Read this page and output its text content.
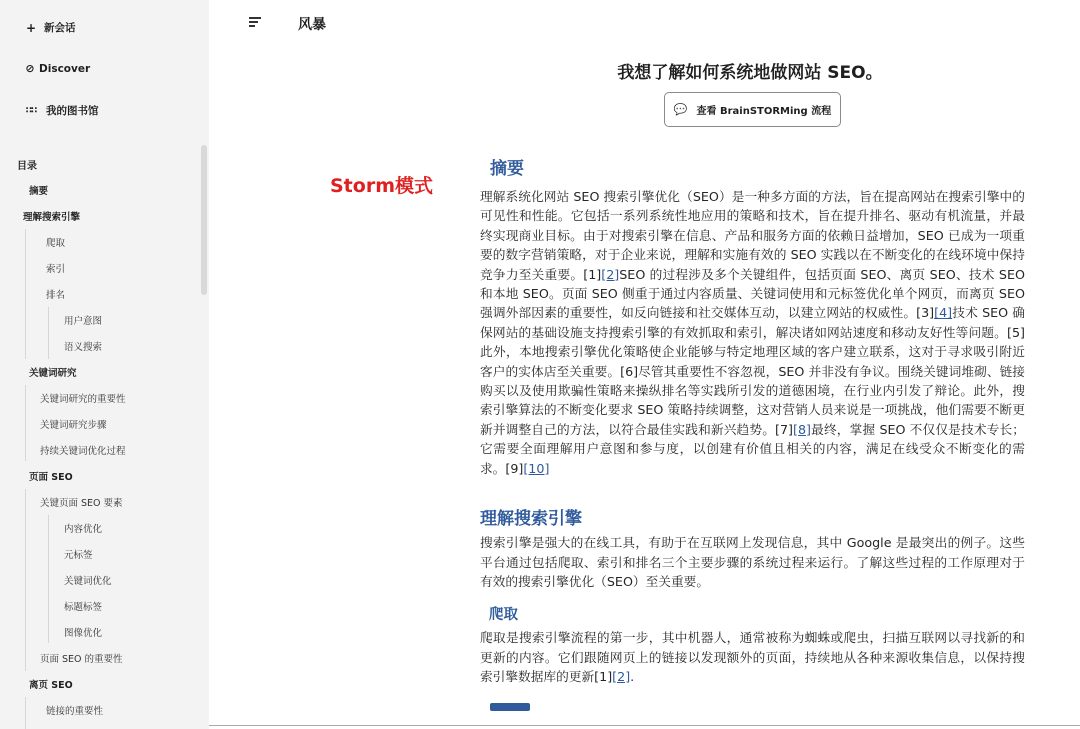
+ 新会话
⊘ Discover
∷∷ 我的图书馆
目录
摘要
理解搜索引擎
爬取
索引
排名
用户意图
语义搜索
关键词研究
关键词研究的重要性
关键词研究步骤
持续关键词优化过程
页面 SEO
关键页面 SEO 要素
内容优化
元标签
关键词优化
标题标签
图像优化
页面 SEO 的重要性
离页 SEO
链接的重要性
风暴
我想了解如何系统地做网站 SEO。
💬 查看 BrainSTORMing 流程
Storm模式
摘要

理解系统化网站 SEO 搜索引擎优化（SEO）是一种多方面的方法，旨在提高网站在搜索引擎中的可见性和性能。它包括一系列系统性地应用的策略和技术，旨在提升排名、驱动有机流量，并最终实现商业目标。由于对搜索引擎在信息、产品和服务方面的依赖日益增加，SEO 已成为一项重要的数字营销策略，对于企业来说，理解和实施有效的 SEO 实践以在不断变化的在线环境中保持竞争力至关重要。[1][2]SEO 的过程涉及多个关键组件，包括页面 SEO、离页 SEO、技术 SEO 和本地 SEO。页面 SEO 侧重于通过内容质量、关键词使用和元标签优化单个网页，而离页 SEO 强调外部因素的重要性，如反向链接和社交媒体互动，以建立网站的权威性。[3][4]技术 SEO 确保网站的基础设施支持搜索引擎的有效抓取和索引，解决诸如网站速度和移动友好性等问题。[5]此外，本地搜索引擎优化策略使企业能够与特定地理区域的客户建立联系，这对于寻求吸引附近客户的实体店至关重要。[6]尽管其重要性不容忽视，SEO 并非没有争议。围绕关键词堆砌、链接购买以及使用欺骗性策略来操纵排名等实践所引发的道德困境，在行业内引发了辩论。此外，搜索引擎算法的不断变化要求 SEO 策略持续调整，这对营销人员来说是一项挑战，他们需要不断更新并调整自己的方法，以符合最佳实践和新兴趋势。[7][8]最终，掌握 SEO 不仅仅是技术专长；它需要全面理解用户意图和参与度，以创建有价值且相关的内容，满足在线受众不断变化的需求。[9][10]

理解搜索引擎

搜索引擎是强大的在线工具，有助于在互联网上发现信息，其中 Google 是最突出的例子。这些平台通过包括爬取、索引和排名三个主要步骤的系统过程来运行。了解这些过程的工作原理对于有效的搜索引擎优化（SEO）至关重要。

爬取

爬取是搜索引擎流程的第一步，其中机器人，通常被称为蜘蛛或爬虫，扫描互联网以寻找新的和更新的内容。它们跟随网页上的链接以发现额外的页面，持续地从各种来源收集信息，以保持搜索引擎数据库的更新[1][2].
